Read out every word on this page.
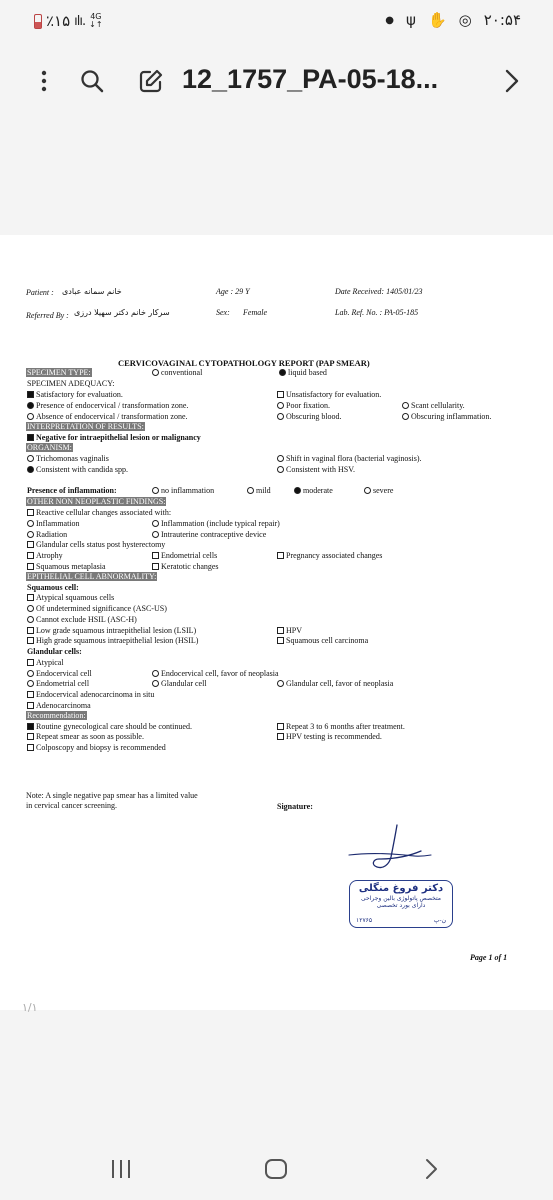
٪۱۵ ılı. 4G
↓↑	● ψ ✋ ◎ ۲۰:۵۴
12_1757_PA-05-18...
Patient : خانم سمانه عبادی	Age : 29 Y	Date Received: 1405/01/23
Referred By : سرکار خانم دکتر سهیلا درزی	Sex: Female	Lab. Ref. No. : PA-05-185
CERVICOVAGINAL CYTOPATHOLOGY REPORT (PAP SMEAR)
SPECIMEN TYPE:	conventional	liquid based
SPECIMEN ADEQUACY:
Satisfactory for evaluation.	Unsatisfactory for evaluation.
Presence of endocervical / transformation zone.	Poor fixation.	Scant cellularity.
Absence of endocervical / transformation zone.	Obscuring blood.	Obscuring inflammation.
INTERPRETATION OF RESULTS:
Negative for intraepithelial lesion or malignancy
ORGANISM:
Trichomonas vaginalis	Shift in vaginal flora (bacterial vaginosis).
Consistent with candida spp.	Consistent with HSV.
Presence of inflammation:	no inflammation	mild	moderate	severe
OTHER NON NEOPLASTIC FINDINGS:
Reactive cellular changes associated with:
Inflammation	Inflammation (include typical repair)
Radiation	Intrauterine contraceptive device
Glandular cells status post hysterectomy
Atrophy	Endometrial cells	Pregnancy associated changes
Squamous metaplasia	Keratotic changes
EPITHELIAL CELL ABNORMALITY:
Squamous cell:
Atypical squamous cells
Of undetermined significance (ASC-US)
Cannot exclude HSIL (ASC-H)
Low grade squamous intraepithelial lesion (LSIL)	HPV
High grade squamous intraepithelial lesion (HSIL)	Squamous cell carcinoma
Glandular cells:
Atypical
Endocervical cell	Endocervical cell, favor of neoplasia
Endometrial cell	Glandular cell	Glandular cell, favor of neoplasia
Endocervical adenocarcinoma in situ
Adenocarcinoma
Recommendation:
Routine gynecological care should be continued.	Repeat 3 to 6 months after treatment.
Repeat smear as soon as possible.	HPV testing is recommended.
Colposcopy and biopsy is recommended
Note: A single negative pap smear has a limited value
in cervical cancer screening.	Signature:
دکتر فروغ منگلی
متخصص پاتولوژی بالین وجراحی
دارای بورد تخصصی
۱۲۷۶۵	ن-پ
Page 1 of 1
۱/۱
